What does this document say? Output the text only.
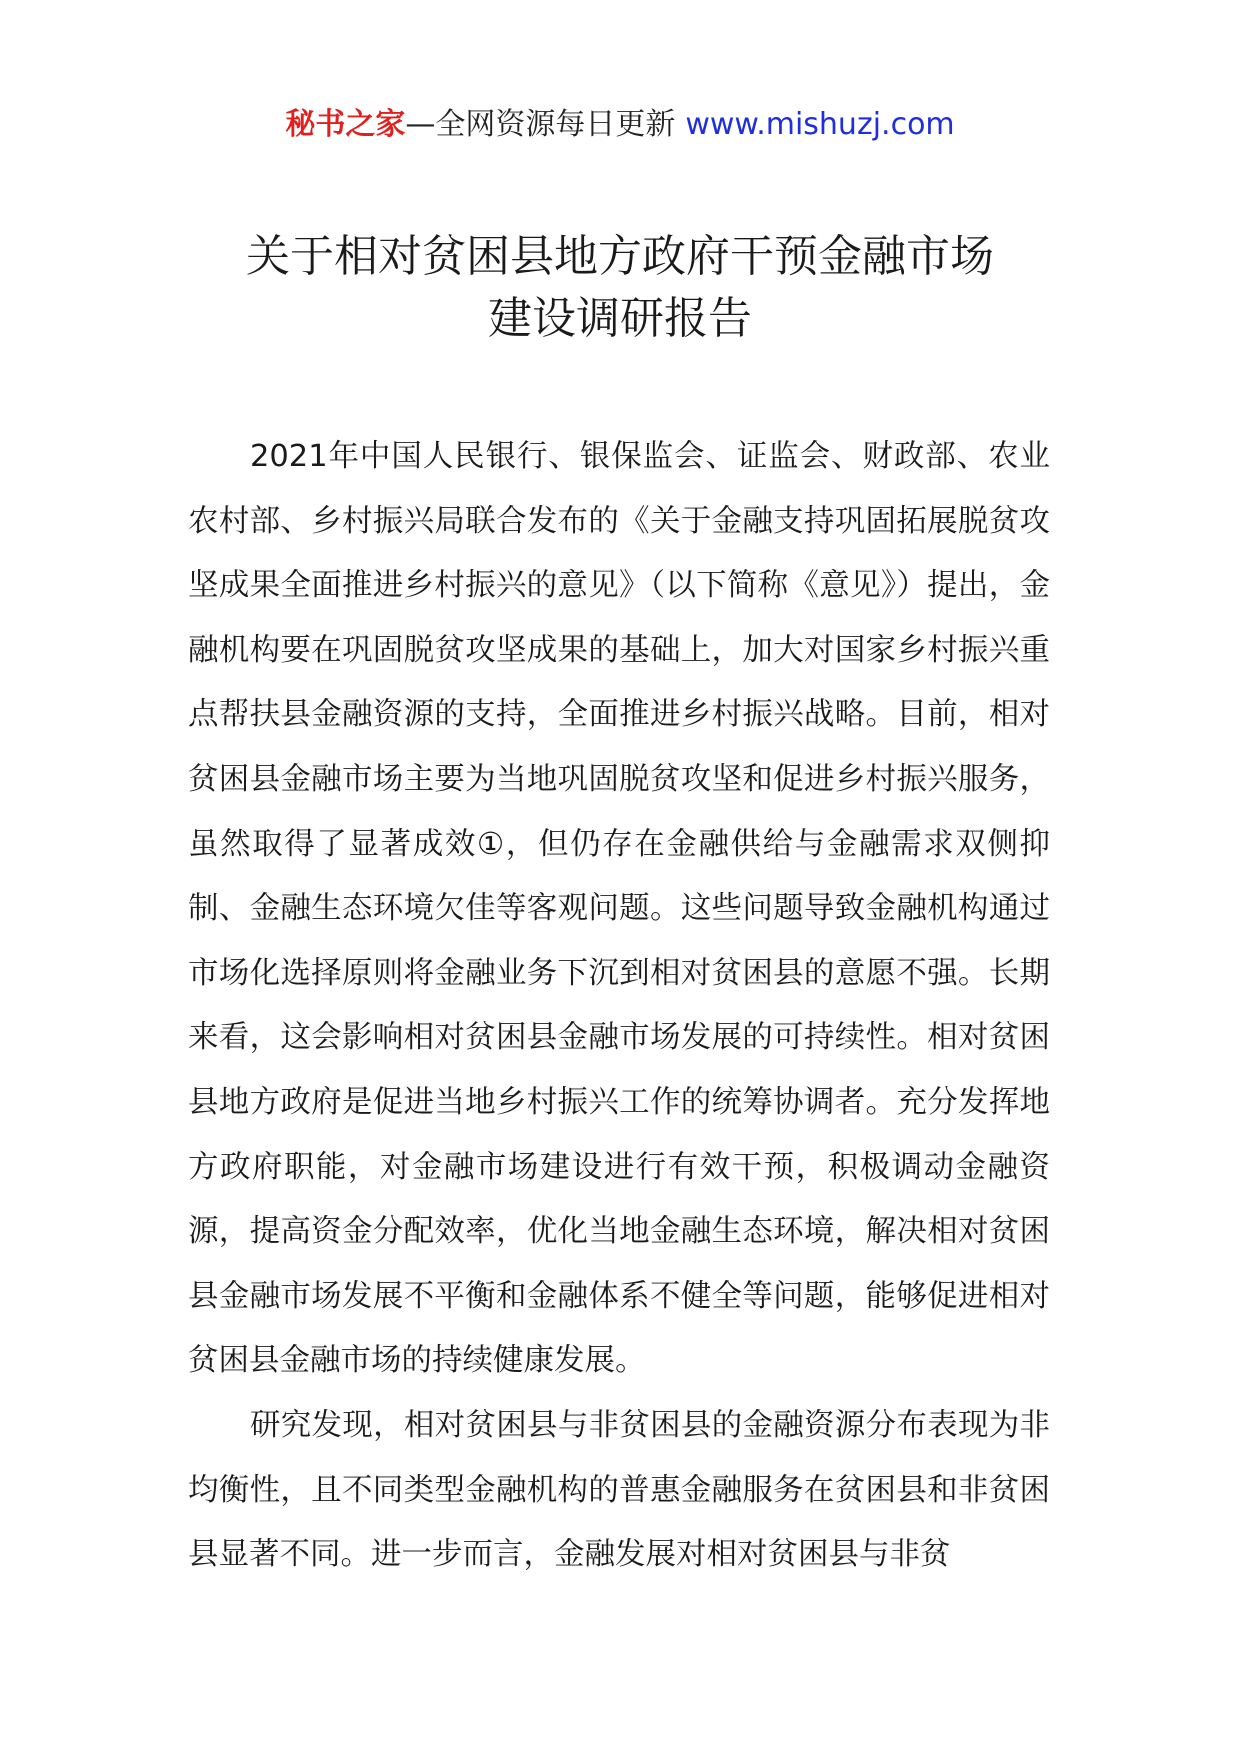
秘书之家—全网资源每日更新 www.mishuzj.com
关于相对贫困县地方政府干预金融市场
建设调研报告

2021年中国人民银行、银保监会、证监会、财政部、农业农村部、乡村振兴局联合发布的《关于金融支持巩固拓展脱贫攻坚成果全面推进乡村振兴的意见》（以下简称《意见》）提出，金融机构要在巩固脱贫攻坚成果的基础上，加大对国家乡村振兴重点帮扶县金融资源的支持，全面推进乡村振兴战略。目前，相对贫困县金融市场主要为当地巩固脱贫攻坚和促进乡村振兴服务，虽然取得了显著成效①，但仍存在金融供给与金融需求双侧抑制、金融生态环境欠佳等客观问题。这些问题导致金融机构通过市场化选择原则将金融业务下沉到相对贫困县的意愿不强。长期来看，这会影响相对贫困县金融市场发展的可持续性。相对贫困县地方政府是促进当地乡村振兴工作的统筹协调者。充分发挥地方政府职能，对金融市场建设进行有效干预，积极调动金融资源，提高资金分配效率，优化当地金融生态环境，解决相对贫困县金融市场发展不平衡和金融体系不健全等问题，能够促进相对贫困县金融市场的持续健康发展。

研究发现，相对贫困县与非贫困县的金融资源分布表现为非均衡性，且不同类型金融机构的普惠金融服务在贫困县和非贫困县显著不同。进一步而言，金融发展对相对贫困县与非贫
